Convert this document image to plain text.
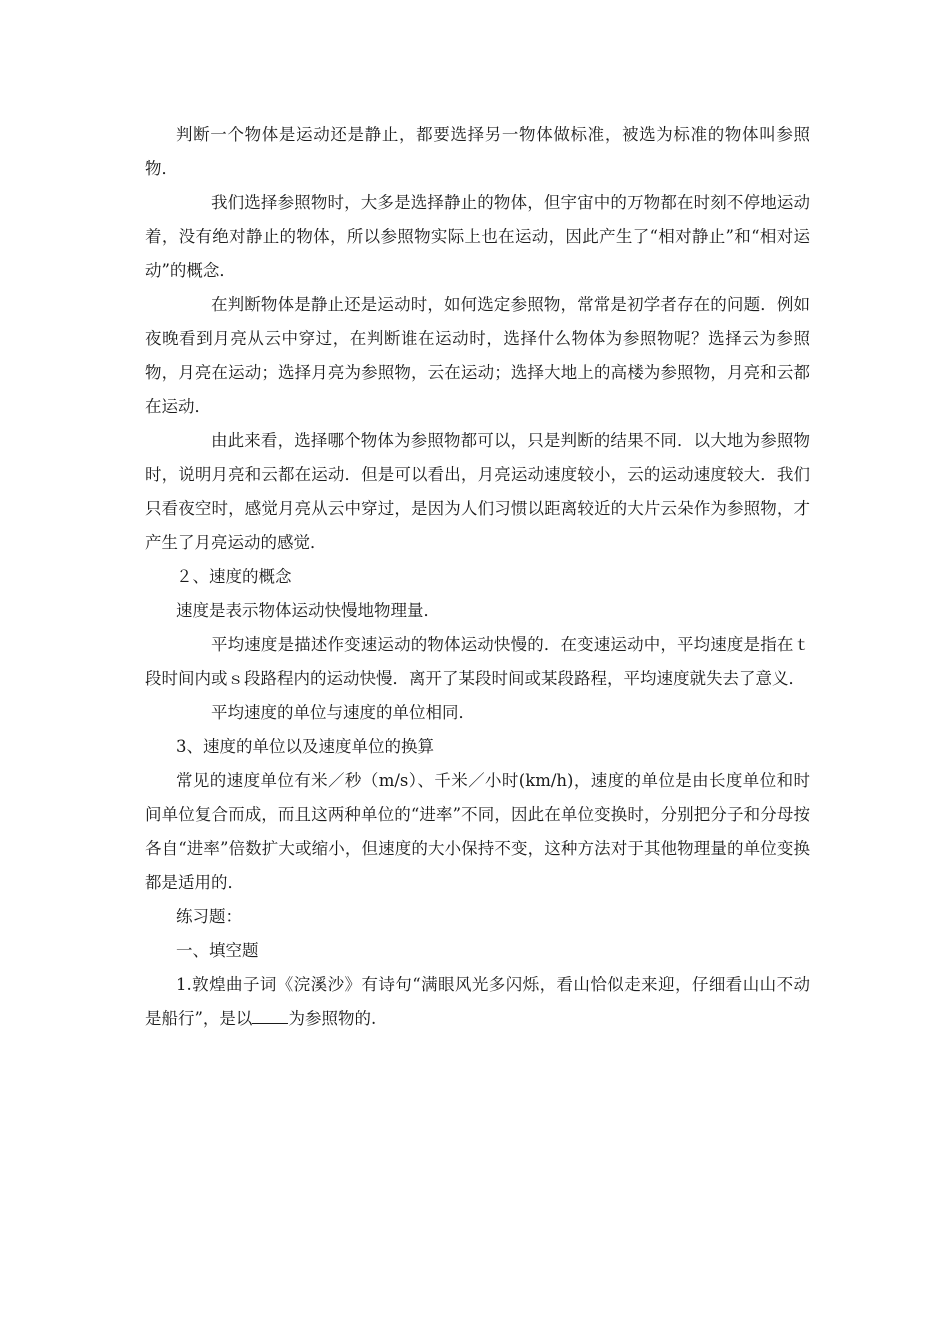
判断一个物体是运动还是静止，都要选择另一物体做标准，被选为标准的物体叫参照物．

我们选择参照物时，大多是选择静止的物体，但宇宙中的万物都在时刻不停地运动着，没有绝对静止的物体，所以参照物实际上也在运动，因此产生了“相对静止”和“相对运动”的概念．

在判断物体是静止还是运动时，如何选定参照物，常常是初学者存在的问题．例如夜晚看到月亮从云中穿过，在判断谁在运动时，选择什么物体为参照物呢？选择云为参照物，月亮在运动；选择月亮为参照物，云在运动；选择大地上的高楼为参照物，月亮和云都在运动．

由此来看，选择哪个物体为参照物都可以，只是判断的结果不同．以大地为参照物时，说明月亮和云都在运动．但是可以看出，月亮运动速度较小，云的运动速度较大．我们只看夜空时，感觉月亮从云中穿过，是因为人们习惯以距离较近的大片云朵作为参照物，才产生了月亮运动的感觉．

２、速度的概念

速度是表示物体运动快慢地物理量．

平均速度是描述作变速运动的物体运动快慢的．在变速运动中，平均速度是指在ｔ段时间内或ｓ段路程内的运动快慢．离开了某段时间或某段路程，平均速度就失去了意义．

平均速度的单位与速度的单位相同．

3、速度的单位以及速度单位的换算

常见的速度单位有米／秒（m/s）、千米／小时(km/h)，速度的单位是由长度单位和时间单位复合而成，而且这两种单位的“进率”不同，因此在单位变换时，分别把分子和分母按各自“进率”倍数扩大或缩小，但速度的大小保持不变，这种方法对于其他物理量的单位变换都是适用的．

练习题：

一、填空题

1.敦煌曲子词《浣溪沙》有诗句“满眼风光多闪烁，看山恰似走来迎，仔细看山山不动是船行”，是以 为参照物的.
